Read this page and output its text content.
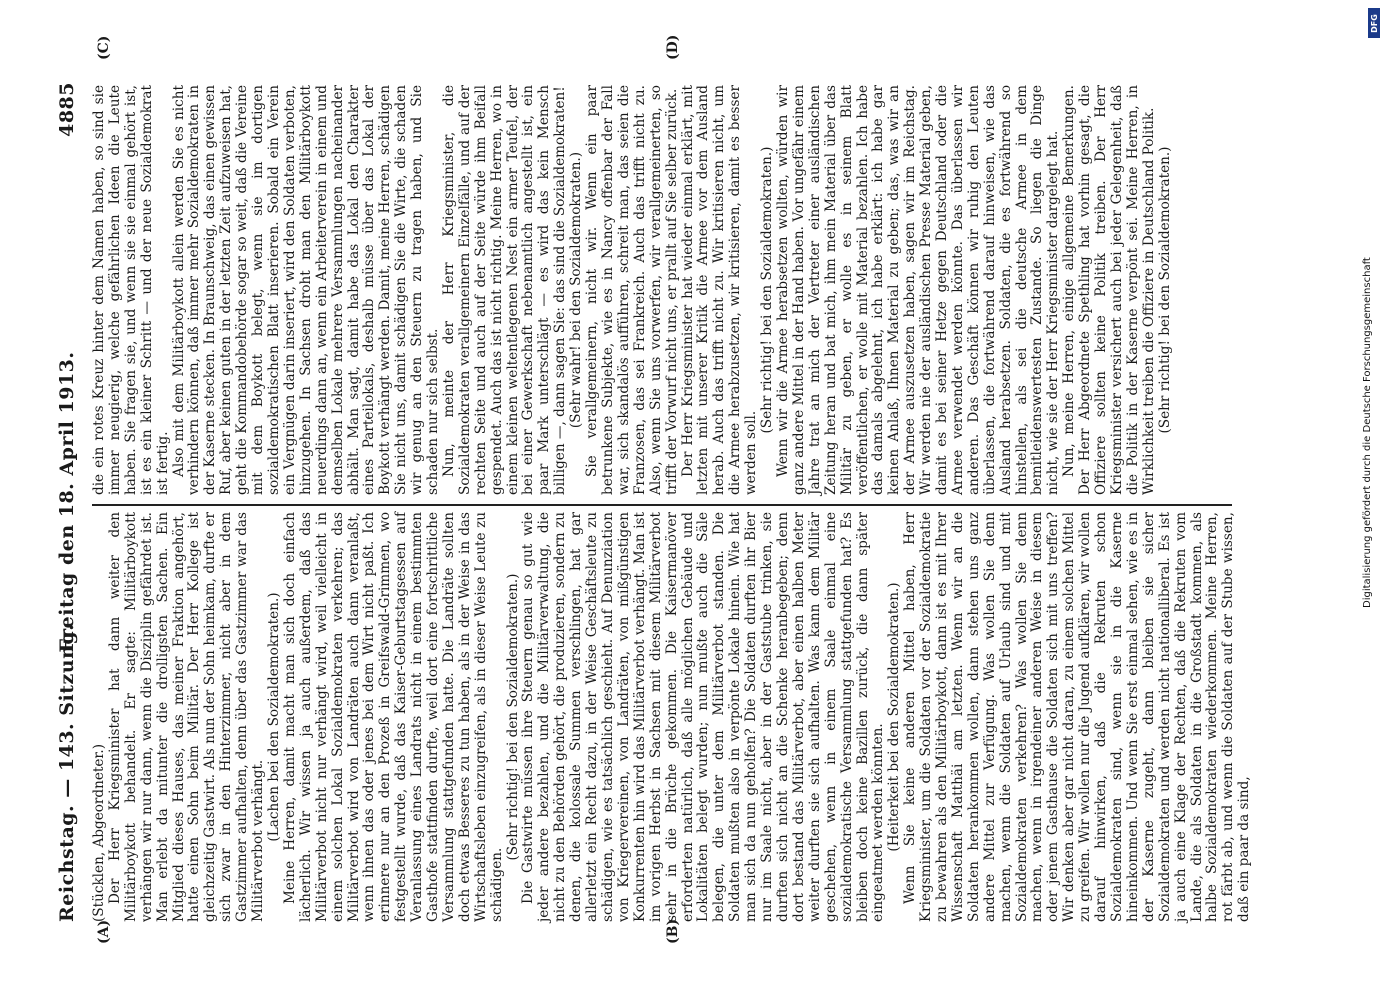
Reichstag. — 143. Sitzung.
Freitag den 18. April 1913.
4885
(A)	(B)
(C)	(D)

(Stücklen, Abgeordneter.) Der Herr Kriegsminister hat dann weiter den Militärboykott behandelt. Er sagte: Militärboykott verhängen wir nur dann, wenn die Disziplin gefährdet ist. Man erlebt da mitunter die drolligsten Sachen. Ein Mitglied dieses Hauses, das meiner Fraktion angehört, hatte einen Sohn beim Militär. Der Herr Kollege ist gleichzeitig Gastwirt. Als nun der Sohn heimkam, durfte er sich zwar in den Hinterzimmer, nicht aber in dem Gastzimmer aufhalten, denn über das Gastzimmer war das Militärverbot verhängt. (Lachen bei den Sozialdemokraten.) Meine Herren, damit macht man sich doch einfach lächerlich. Wir wissen ja auch außerdem, daß das Militärverbot nicht nur verhängt wird, weil vielleicht in einem solchen Lokal Sozialdemokraten verkehren; das Militärverbot wird von Landräten auch dann veranlaßt, wenn ihnen das oder jenes bei dem Wirt nicht paßt. Ich erinnere nur an den Prozeß in Greifswald-Grimmen, wo festgestellt wurde, daß das Kaiser-Geburtstagsessen auf Veranlassung eines Landrats nicht in einem bestimmten Gasthofe stattfinden durfte, weil dort eine fortschrittliche Versammlung stattgefunden hatte. Die Landräte sollten doch etwas Besseres zu tun haben, als in der Weise in das Wirtschaftsleben einzugreifen, als in dieser Weise Leute zu schädigen.

(Sehr richtig! bei den Sozialdemokraten.) Die Gastwirte müssen ihre Steuern genau so gut wie jeder andere bezahlen, und die Militärverwaltung, die nicht zu den Behörden gehört, die produzieren, sondern zu denen, die kolossale Summen verschlingen, hat gar allerletzt ein Recht dazu, in der Weise Geschäftsleute zu schädigen, wie es tatsächlich geschieht. Auf Denunziation von Kriegervereinen, von Landräten, von mißgünstigen Konkurrenten hin wird das Militärverbot verhängt. Man ist im vorigen Herbst in Sachsen mit diesem Militärverbot sehr in die Brüche gekommen. Die Kaisermanöver erforderten natürlich, daß alle möglichen Gebäude und Lokalitäten belegt wurden; nun mußte auch die Säle belegen, die unter dem Militärverbot standen. Die Soldaten mußten also in verpönte Lokale hinein. Wie hat man sich da nun geholfen? Die Soldaten durften ihr Bier nur im Saale nicht, aber in der Gaststube trinken, sie durften sich nicht an die Schenke heranbegeben; denn dort bestand das Militärverbot, aber einen halben Meter weiter durften sie sich aufhalten. Was kann dem Militär geschehen, wenn in einem Saale einmal eine sozialdemokratische Versammlung stattgefunden hat? Es bleiben doch keine Bazillen zurück, die dann später eingeatmet werden könnten. (Heiterkeit bei den Sozialdemokraten.) Wenn Sie keine anderen Mittel haben, Herr Kriegsminister, um die Soldaten vor der Sozialdemokratie zu bewahren als den Militärboykott, dann ist es mit Ihrer Wissenschaft Matthäi am letzten. Wenn wir an die Soldaten herankommen wollen, dann stehen uns ganz andere Mittel zur Verfügung. Was wollen Sie denn machen, wenn die Soldaten auf Urlaub sind und mit Sozialdemokraten verkehren? Was wollen Sie denn machen, wenn in irgendeiner anderen Weise in diesem oder jenem Gasthause die Soldaten sich mit uns treffen? Wir denken aber gar nicht daran, zu einem solchen Mittel zu greifen. Wir wollen nur die Jugend aufklären, wir wollen darauf hinwirken, daß die Rekruten schon Sozialdemokraten sind, wenn sie in die Kaserne hineinkommen. Und wenn Sie erst einmal sehen, wie es in der Kaserne zugeht, dann bleiben sie sicher Sozialdemokraten und werden nicht nationalliberal. Es ist ja auch eine Klage der Rechten, daß die Rekruten vom Lande, die als Soldaten in die Großstadt kommen, als halbe Sozialdemokraten wiederkommen. Meine Herren, rot färbt ab, und wenn die Soldaten auf der Stube wissen, daß ein paar da sind,

die ein rotes Kreuz hinter dem Namen haben, so sind sie immer neugierig, welche gefährlichen Ideen die Leute haben. Sie fragen sie, und wenn sie sie einmal gehört ist, ist es ein kleiner Schritt — und der neue Sozialdemokrat ist fertig. Also mit dem Militärboykott allein werden Sie es nicht verhindern können, daß immer mehr Sozialdemokraten in der Kaserne stecken. In Braunschweig, das einen gewissen Ruf, aber keinen guten in der letzten Zeit aufzuweisen hat, geht die Kommandobehörde sogar so weit, daß die Vereine mit dem Boykott belegt, wenn sie im dortigen sozialdemokratischen Blatt inserieren. Sobald ein Verein ein Vergnügen darin inseriert, wird den Soldaten verboten, hinzugehen. In Sachsen droht man den Militärboykott neuerdings dann an, wenn ein Arbeiterverein in einem und demselben Lokale mehrere Versammlungen nacheinander abhält. Man sagt, damit habe das Lokal den Charakter eines Parteilokals, deshalb müsse über das Lokal der Boykott verhängt werden. Damit, meine Herren, schädigen Sie nicht uns, damit schädigen Sie die Wirte, die schaden wir genug an den Steuern zu tragen haben, und Sie schaden nur sich selbst. Nun, meinte der Herr Kriegsminister, die Sozialdemokraten verallgemeinern Einzelfälle, und auf der rechten Seite und auch auf der Seite würde ihm Beifall gespendet. Auch das ist nicht richtig. Meine Herren, wo in einem kleinen weltentlegenen Nest ein armer Teufel, der bei einer Gewerkschaft nebenamtlich angestellt ist, ein paar Mark unterschlägt — es wird das kein Mensch billigen —, dann sagen Sie: das sind die Sozialdemokraten! (Sehr wahr! bei den Sozialdemokraten.) Sie verallgemeinern, nicht wir. Wenn ein paar betrunkene Subjekte, wie es in Nancy offenbar der Fall war, sich skandalös aufführen, schreit man, das seien die Franzosen, das sei Frankreich. Auch das trifft nicht zu. Also, wenn Sie uns vorwerfen, wir verallgemeinerten, so trifft der Vorwurf nicht uns, er prallt auf Sie selber zurück. Der Herr Kriegsminister hat wieder einmal erklärt, mit letzten mit unserer Kritik die Armee vor dem Ausland herab. Auch das trifft nicht zu. Wir kritisieren nicht, um die Armee herabzusetzen, wir kritisieren, damit es besser werden soll.

(Sehr richtig! bei den Sozialdemokraten.) Wenn wir die Armee herabsetzen wollten, würden wir ganz andere Mittel in der Hand haben. Vor ungefähr einem Jahre trat an mich der Vertreter einer ausländischen Zeitung heran und bat mich, ihm mein Material über das Militär zu geben, er wolle es in seinem Blatt veröffentlichen, er wolle mit Material bezahlen. Ich habe das damals abgelehnt, ich habe erklärt: ich habe gar keinen Anlaß, Ihnen Material zu geben; das, was wir an der Armee auszusetzen haben, sagen wir im Reichstag. Wir werden nie der ausländischen Presse Material geben, damit es bei seiner Hetze gegen Deutschland oder die Armee verwendet werden könnte. Das überlassen wir anderen. Das Geschäft können wir ruhig den Leuten überlassen, die fortwährend darauf hinweisen, wie das Ausland herabsetzen. Soldaten, die es fortwährend so hinstellen, als sei die deutsche Armee in dem bemitleidenswertesten Zustande. So liegen die Dinge nicht, wie sie der Herr Kriegsminister dargelegt hat. Nun, meine Herren, einige allgemeine Bemerkungen. Der Herr Abgeordnete Spethling hat vorhin gesagt, die Offiziere sollten keine Politik treiben. Der Herr Kriegsminister versichert auch bei jeder Gelegenheit, daß die Politik in der Kaserne verpönt sei. Meine Herren, in Wirklichkeit treiben die Offiziere in Deutschland Politik. (Sehr richtig! bei den Sozialdemokraten.)

DFG
Digitalisierung gefördert durch die Deutsche Forschungsgemeinschaft
